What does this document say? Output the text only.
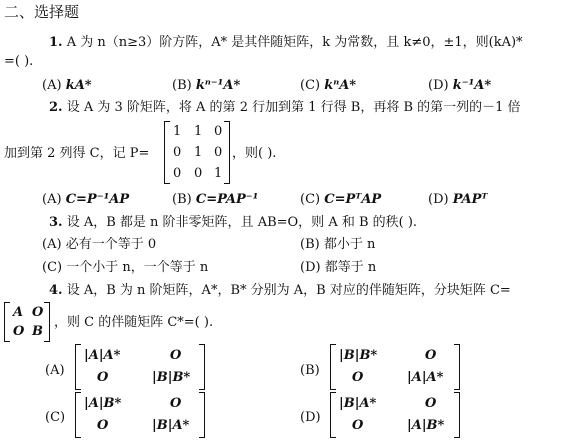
二、选择题
1. A 为 n（n≥3）阶方阵，A* 是其伴随矩阵，k 为常数，且 k≠0，±1，则(kA)*
=( ).
(A) kA*	(B) kⁿ⁻¹A*	(C) kⁿA*	(D) k⁻¹A*
2. 设 A 为 3 阶矩阵，将 A 的第 2 行加到第 1 行得 B，再将 B 的第一列的－1 倍
加到第 2 列得 C，记 P=
1 1 0
0 1 0
0 0 1
，则( ).
(A) C=P⁻¹AP	(B) C=PAP⁻¹	(C) C=PᵀAP	(D) PAPᵀ
3. 设 A，B 都是 n 阶非零矩阵，且 AB=O，则 A 和 B 的秩( ).
(A) 必有一个等于 0	(B) 都小于 n
(C) 一个小于 n，一个等于 n	(D) 都等于 n
4. 设 A，B 为 n 阶矩阵，A*，B* 分别为 A，B 对应的伴随矩阵，分块矩阵 C=
A O
O B
，则 C 的伴随矩阵 C*=( ).
(A)
|A|A*	O
O	|B|B*	(B)
|B|B*	O
O	|A|A*
(C)
|A|B*	O
O	|B|A*
(D)
|B|A*	O
O	|A|B*
